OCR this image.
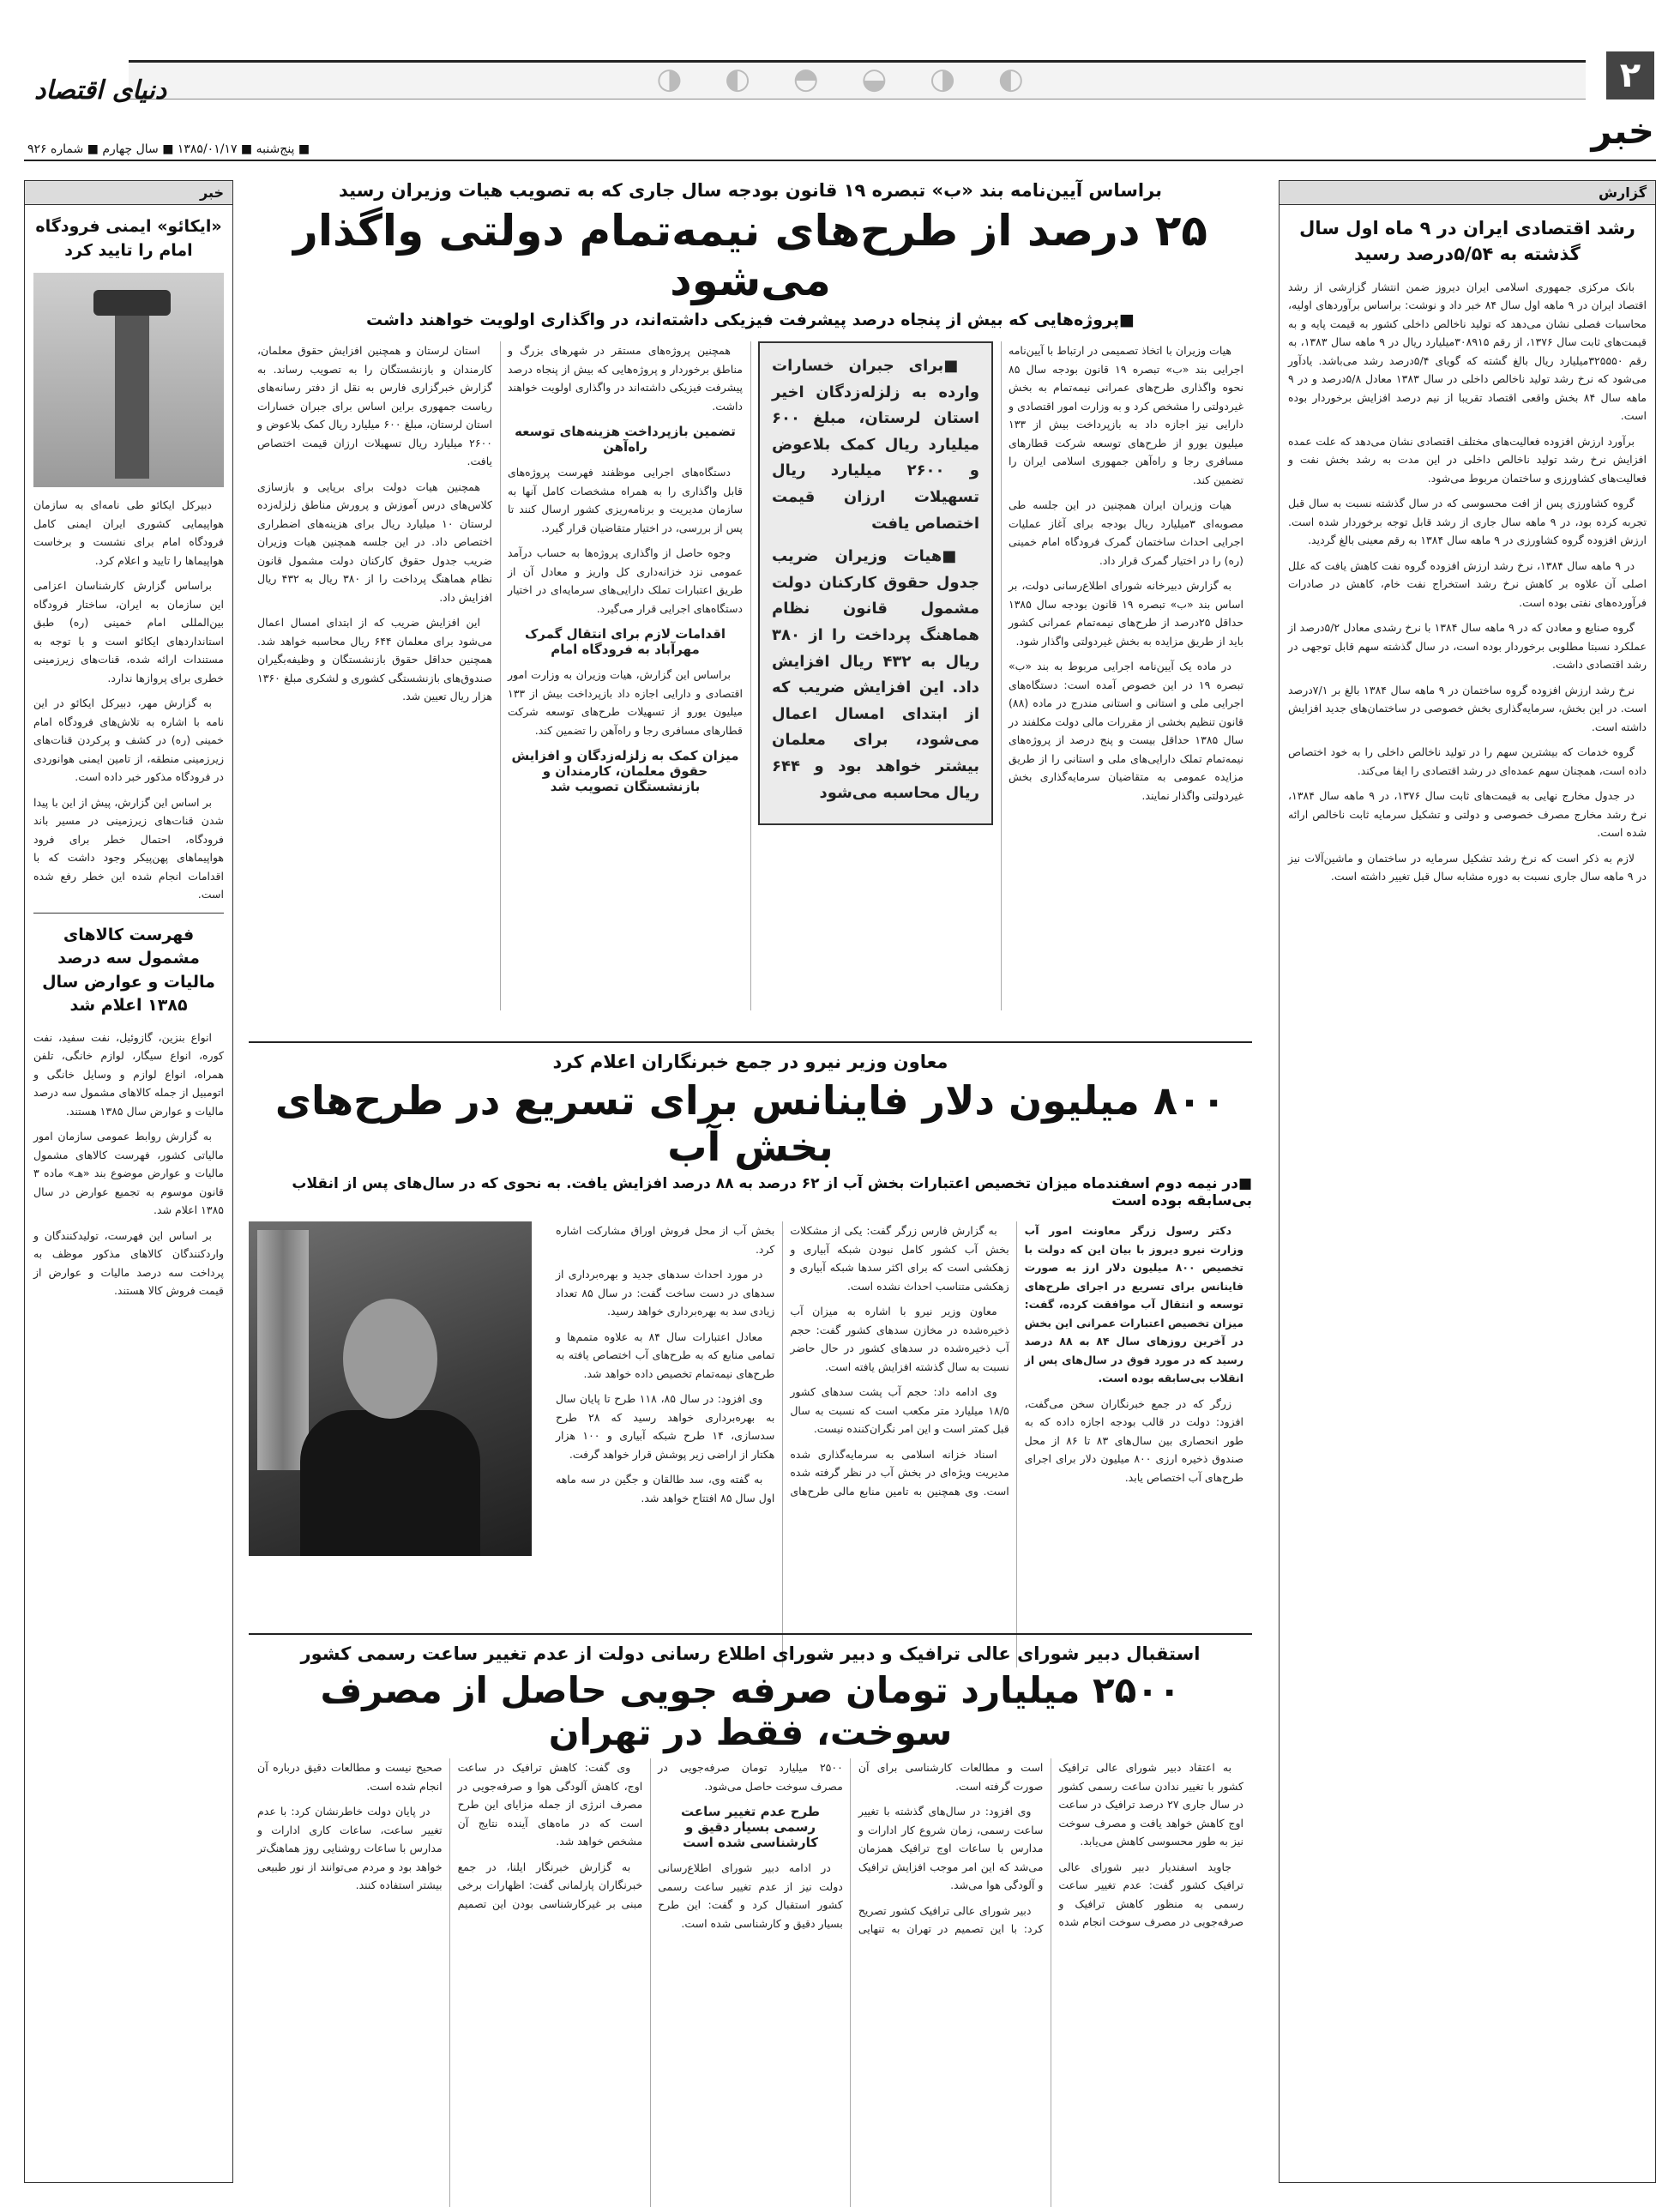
◐
◑
◒
◓
◐
◑	۲
خبر
دنیای اقتصاد
■ پنج‌شنبه ■ ۱۳۸۵/۰۱/۱۷ ■ سال چهارم ■ شماره ۹۲۶
گزارش
رشد اقتصادی ایران در ۹ ماه اول سال گذشته به ۵/۵۴درصد رسید

بانک مرکزی جمهوری اسلامی ایران دیروز ضمن انتشار گزارشی از رشد اقتصاد ایران در ۹ ماهه اول سال ۸۴ خبر داد و نوشت: براساس برآوردهای اولیه، محاسبات فصلی نشان می‌دهد که تولید ناخالص داخلی کشور به قیمت پایه و به قیمت‌های ثابت سال ۱۳۷۶، از رقم ۳۰۸۹۱۵میلیارد ریال در ۹ ماهه سال ۱۳۸۳، به رقم ۳۲۵۵۵۰میلیارد ریال بالغ گشته که گویای ۵/۴درصد رشد می‌باشد. یادآور می‌شود که نرخ رشد تولید ناخالص داخلی در سال ۱۳۸۳ معادل ۵/۸درصد و در ۹ ماهه سال ۸۴ بخش واقعی اقتصاد تقریبا از نیم درصد افزایش برخوردار بوده است.

برآورد ارزش افزوده فعالیت‌های مختلف اقتصادی نشان می‌دهد که علت عمده افزایش نرخ رشد تولید ناخالص داخلی در این مدت به رشد بخش نفت و فعالیت‌های کشاورزی و ساختمان مربوط می‌شود.

گروه کشاورزی پس از افت محسوسی که در سال گذشته نسبت به سال قبل تجربه کرده بود، در ۹ ماهه سال جاری از رشد قابل توجه برخوردار شده است. ارزش افزوده گروه کشاورزی در ۹ ماهه سال ۱۳۸۴ به رقم معینی بالغ گردید.

در ۹ ماهه سال ۱۳۸۴، نرخ رشد ارزش افزوده گروه نفت کاهش یافت که علل اصلی آن علاوه بر کاهش نرخ رشد استخراج نفت خام، کاهش در صادرات فرآورده‌های نفتی بوده است.

گروه صنایع و معادن که در ۹ ماهه سال ۱۳۸۴ با نرخ رشدی معادل ۵/۲درصد از عملکرد نسبتا مطلوبی برخوردار بوده است، در سال گذشته سهم قابل توجهی در رشد اقتصادی داشت.

نرخ رشد ارزش افزوده گروه ساختمان در ۹ ماهه سال ۱۳۸۴ بالغ بر ۷/۱درصد است. در این بخش، سرمایه‌گذاری بخش خصوصی در ساختمان‌های جدید افزایش داشته است.

گروه خدمات که بیشترین سهم را در تولید ناخالص داخلی را به خود اختصاص داده است، همچنان سهم عمده‌ای در رشد اقتصادی را ایفا می‌کند.

در جدول مخارج نهایی به قیمت‌های ثابت سال ۱۳۷۶، در ۹ ماهه سال ۱۳۸۴، نرخ رشد مخارج مصرف خصوصی و دولتی و تشکیل سرمایه ثابت ناخالص ارائه شده است.

لازم به ذکر است که نرخ رشد تشکیل سرمایه در ساختمان و ماشین‌آلات نیز در ۹ ماهه سال جاری نسبت به دوره مشابه سال قبل تغییر داشته است.

خبر
«ایکائو» ایمنی فرودگاه امام را تایید کرد

دبیرکل ایکائو طی نامه‌ای به سازمان هواپیمایی کشوری ایران ایمنی کامل فرودگاه امام برای نشست و برخاست هواپیماها را تایید و اعلام کرد.

براساس گزارش کارشناسان اعزامی این سازمان به ایران، ساختار فرودگاه بین‌المللی امام خمینی (ره) طبق استانداردهای ایکائو است و با توجه به مستندات ارائه شده، قنات‌های زیرزمینی خطری برای پروازها ندارد.

به گزارش مهر، دبیرکل ایکائو در این نامه با اشاره به تلاش‌های فرودگاه امام خمینی (ره) در کشف و پرکردن قنات‌های زیرزمینی منطقه، از تامین ایمنی هوانوردی در فرودگاه مذکور خبر داده است.

بر اساس این گزارش، پیش از این با پیدا شدن قنات‌های زیرزمینی در مسیر باند فرودگاه، احتمال خطر برای فرود هواپیماهای پهن‌پیکر وجود داشت که با اقدامات انجام شده این خطر رفع شده است.

فهرست کالاهای مشمول سه درصد مالیات و عوارض سال ۱۳۸۵ اعلام شد

انواع بنزین، گازوئیل، نفت سفید، نفت کوره، انواع سیگار، لوازم خانگی، تلفن همراه، انواع لوازم و وسایل خانگی و اتومبیل از جمله کالاهای مشمول سه درصد مالیات و عوارض سال ۱۳۸۵ هستند.

به گزارش روابط عمومی سازمان امور مالیاتی کشور، فهرست کالاهای مشمول مالیات و عوارض موضوع بند «هـ» ماده ۳ قانون موسوم به تجمیع عوارض در سال ۱۳۸۵ اعلام شد.

بر اساس این فهرست، تولیدکنندگان و واردکنندگان کالاهای مذکور موظف به پرداخت سه درصد مالیات و عوارض از قیمت فروش کالا هستند.

براساس آیین‌نامه بند «ب» تبصره ۱۹ قانون بودجه سال جاری که به تصویب هیات وزیران رسید
۲۵ درصد از طرح‌های نیمه‌تمام دولتی واگذار می‌شود
■ پروژه‌هایی که بیش از پنجاه درصد پیشرفت فیزیکی داشته‌اند، در واگذاری اولویت خواهند داشت

هیات وزیران با اتخاذ تصمیمی در ارتباط با آیین‌نامه اجرایی بند «ب» تبصره ۱۹ قانون بودجه سال ۸۵ نحوه واگذاری طرح‌های عمرانی نیمه‌تمام به بخش غیردولتی را مشخص کرد و به وزارت امور اقتصادی و دارایی نیز اجازه داد به بازپرداخت بیش از ۱۳۳ میلیون یورو از طرح‌های توسعه شرکت قطارهای مسافری رجا و راه‌آهن جمهوری اسلامی ایران را تضمین کند.

هیات وزیران ایران همچنین در این جلسه طی مصوبه‌ای ۳میلیارد ریال بودجه برای آغاز عملیات اجرایی احداث ساختمان گمرک فرودگاه امام خمینی (ره) را در اختیار گمرک قرار داد.

به گزارش دبیرخانه شورای اطلاع‌رسانی دولت، بر اساس بند «ب» تبصره ۱۹ قانون بودجه سال ۱۳۸۵ حداقل ۲۵درصد از طرح‌های نیمه‌تمام عمرانی کشور باید از طریق مزایده به بخش غیردولتی واگذار شود.

در ماده یک آیین‌نامه اجرایی مربوط به بند «ب» تبصره ۱۹ در این خصوص آمده است: دستگاه‌های اجرایی ملی و استانی و استانی مندرج در ماده (۸۸) قانون تنظیم بخشی از مقررات مالی دولت مکلفند در سال ۱۳۸۵ حداقل بیست و پنج درصد از پروژه‌های نیمه‌تمام تملک دارایی‌های ملی و استانی را از طریق مزایده عمومی به متقاضیان سرمایه‌گذاری بخش غیردولتی واگذار نمایند.

■ برای جبران خسارات وارده به زلزله‌زدگان اخیر استان لرستان، مبلغ ۶۰۰ میلیارد ریال کمک بلاعوض و ۲۶۰۰ میلیارد ریال تسهیلات ارزان قیمت اختصاص یافت

■ هیات وزیران ضریب جدول حقوق کارکنان دولت مشمول قانون نظام هماهنگ پرداخت را از ۳۸۰ ریال به ۴۳۲ ریال افزایش داد. این افزایش ضریب که از ابتدای امسال اعمال می‌شود، برای معلمان بیشتر خواهد بود و ۶۴۴ ریال محاسبه می‌شود

همچنین پروژه‌های مستقر در شهرهای بزرگ و مناطق برخوردار و پروژه‌هایی که بیش از پنجاه درصد پیشرفت فیزیکی داشته‌اند در واگذاری اولویت خواهند داشت.

تضمین بازپرداخت هزینه‌های توسعه راه‌آهن

دستگاه‌های اجرایی موظفند فهرست پروژه‌های قابل واگذاری را به همراه مشخصات کامل آنها به سازمان مدیریت و برنامه‌ریزی کشور ارسال کنند تا پس از بررسی، در اختیار متقاضیان قرار گیرد.

وجوه حاصل از واگذاری پروژه‌ها به حساب درآمد عمومی نزد خزانه‌داری کل واریز و معادل آن از طریق اعتبارات تملک دارایی‌های سرمایه‌ای در اختیار دستگاه‌های اجرایی قرار می‌گیرد.

اقدامات لازم برای انتقال گمرک مهرآباد به فرودگاه امام

براساس این گزارش، هیات وزیران به وزارت امور اقتصادی و دارایی اجازه داد بازپرداخت بیش از ۱۳۳ میلیون یورو از تسهیلات طرح‌های توسعه شرکت قطارهای مسافری رجا و راه‌آهن را تضمین کند.

میزان کمک به زلزله‌زدگان و افزایش حقوق معلمان، کارمندان و بازنشستگان تصویب شد

استان لرستان و همچنین افزایش حقوق معلمان، کارمندان و بازنشستگان را به تصویب رساند. به گزارش خبرگزاری فارس به نقل از دفتر رسانه‌های ریاست جمهوری براین اساس برای جبران خسارات استان لرستان، مبلغ ۶۰۰ میلیارد ریال کمک بلاعوض و ۲۶۰۰ میلیارد ریال تسهیلات ارزان قیمت اختصاص یافت.

همچنین هیات دولت برای برپایی و بازسازی کلاس‌های درس آموزش و پرورش مناطق زلزله‌زده لرستان ۱۰ میلیارد ریال برای هزینه‌های اضطراری اختصاص داد. در این جلسه همچنین هیات وزیران ضریب جدول حقوق کارکنان دولت مشمول قانون نظام هماهنگ پرداخت را از ۳۸۰ ریال به ۴۳۲ ریال افزایش داد.

این افزایش ضریب که از ابتدای امسال اعمال می‌شود برای معلمان ۶۴۴ ریال محاسبه خواهد شد. همچنین حداقل حقوق بازنشستگان و وظیفه‌بگیران صندوق‌های بازنشستگی کشوری و لشکری مبلغ ۱۳۶۰ هزار ریال تعیین شد.

معاون وزیر نیرو در جمع خبرنگاران اعلام کرد
۸۰۰ میلیون دلار فاینانس برای تسریع در طرح‌های بخش آب
■ در نیمه دوم اسفندماه میزان تخصیص اعتبارات بخش آب از ۶۲ درصد به ۸۸ درصد افزایش یافت. به نحوی که در سال‌های پس از انقلاب بی‌سابقه بوده است

دکتر رسول زرگر معاونت امور آب وزارت نیرو دیروز با بیان این که دولت با تخصیص ۸۰۰ میلیون دلار ارز به صورت فاینانس برای تسریع در اجرای طرح‌های توسعه و انتقال آب موافقت کرده، گفت: میزان تخصیص اعتبارات عمرانی این بخش در آخرین روزهای سال ۸۴ به ۸۸ درصد رسید که در مورد فوق در سال‌های پس از انقلاب بی‌سابقه بوده است.

زرگر که در جمع خبرنگاران سخن می‌گفت، افزود: دولت در قالب بودجه اجازه داده که به طور انحصاری بین سال‌های ۸۳ تا ۸۶ از محل صندوق ذخیره ارزی ۸۰۰ میلیون دلار برای اجرای طرح‌های آب اختصاص یابد.

به گزارش فارس زرگر گفت: یکی از مشکلات بخش آب کشور کامل نبودن شبکه آبیاری و زهکشی است که برای اکثر سدها شبکه آبیاری و زهکشی متناسب احداث نشده است.

معاون وزیر نیرو با اشاره به میزان آب ذخیره‌شده در مخازن سدهای کشور گفت: حجم آب ذخیره‌شده در سدهای کشور در حال حاضر نسبت به سال گذشته افزایش یافته است.

وی ادامه داد: حجم آب پشت سدهای کشور ۱۸/۵ میلیارد متر مکعب است که نسبت به سال قبل کمتر است و این امر نگران‌کننده نیست.

اسناد خزانه اسلامی به سرمایه‌گذاری شده مدیریت ویژه‌ای در بخش آب در نظر گرفته شده است. وی همچنین به تامین منابع مالی طرح‌های بخش آب از محل فروش اوراق مشارکت اشاره کرد.

در مورد احداث سدهای جدید و بهره‌برداری از سدهای در دست ساخت گفت: در سال ۸۵ تعداد زیادی سد به بهره‌برداری خواهد رسید.

معادل اعتبارات سال ۸۴ به علاوه متمم‌ها و تمامی منابع که به طرح‌های آب اختصاص یافته به طرح‌های نیمه‌تمام تخصیص داده خواهد شد.

وی افزود: در سال ۸۵، ۱۱۸ طرح تا پایان سال به بهره‌برداری خواهد رسید که ۲۸ طرح سدسازی، ۱۴ طرح شبکه آبیاری و ۱۰۰ هزار هکتار از اراضی زیر پوشش قرار خواهد گرفت.

به گفته وی، سد طالقان و جگین در سه ماهه اول سال ۸۵ افتتاح خواهد شد.

استقبال دبیر شورای عالی ترافیک و دبیر شورای اطلاع رسانی دولت از عدم تغییر ساعت رسمی کشور
۲۵۰۰ میلیارد تومان صرفه جویی حاصل از مصرف سوخت، فقط در تهران

به اعتقاد دبیر شورای عالی ترافیک کشور با تغییر ندادن ساعت رسمی کشور در سال جاری ۲۷ درصد ترافیک در ساعت اوج کاهش خواهد یافت و مصرف سوخت نیز به طور محسوسی کاهش می‌یابد.

جاوید اسفندیار دبیر شورای عالی ترافیک کشور گفت: عدم تغییر ساعت رسمی به منظور کاهش ترافیک و صرفه‌جویی در مصرف سوخت انجام شده است و مطالعات کارشناسی برای آن صورت گرفته است.

وی افزود: در سال‌های گذشته با تغییر ساعت رسمی، زمان شروع کار ادارات و مدارس با ساعات اوج ترافیک همزمان می‌شد که این امر موجب افزایش ترافیک و آلودگی هوا می‌شد.

دبیر شورای عالی ترافیک کشور تصریح کرد: با این تصمیم در تهران به تنهایی ۲۵۰۰ میلیارد تومان صرفه‌جویی در مصرف سوخت حاصل می‌شود.

طرح عدم تغییر ساعت رسمی بسیار دقیق و کارشناسی شده است

در ادامه دبیر شورای اطلاع‌رسانی دولت نیز از عدم تغییر ساعت رسمی کشور استقبال کرد و گفت: این طرح بسیار دقیق و کارشناسی شده است.

وی گفت: کاهش ترافیک در ساعت اوج، کاهش آلودگی هوا و صرفه‌جویی در مصرف انرژی از جمله مزایای این طرح است که در ماه‌های آینده نتایج آن مشخص خواهد شد.

به گزارش خبرنگار ایلنا، در جمع خبرنگاران پارلمانی گفت: اظهارات برخی مبنی بر غیرکارشناسی بودن این تصمیم صحیح نیست و مطالعات دقیق درباره آن انجام شده است.

در پایان دولت خاطرنشان کرد: با عدم تغییر ساعت، ساعات کاری ادارات و مدارس با ساعات روشنایی روز هماهنگ‌تر خواهد بود و مردم می‌توانند از نور طبیعی بیشتر استفاده کنند.
